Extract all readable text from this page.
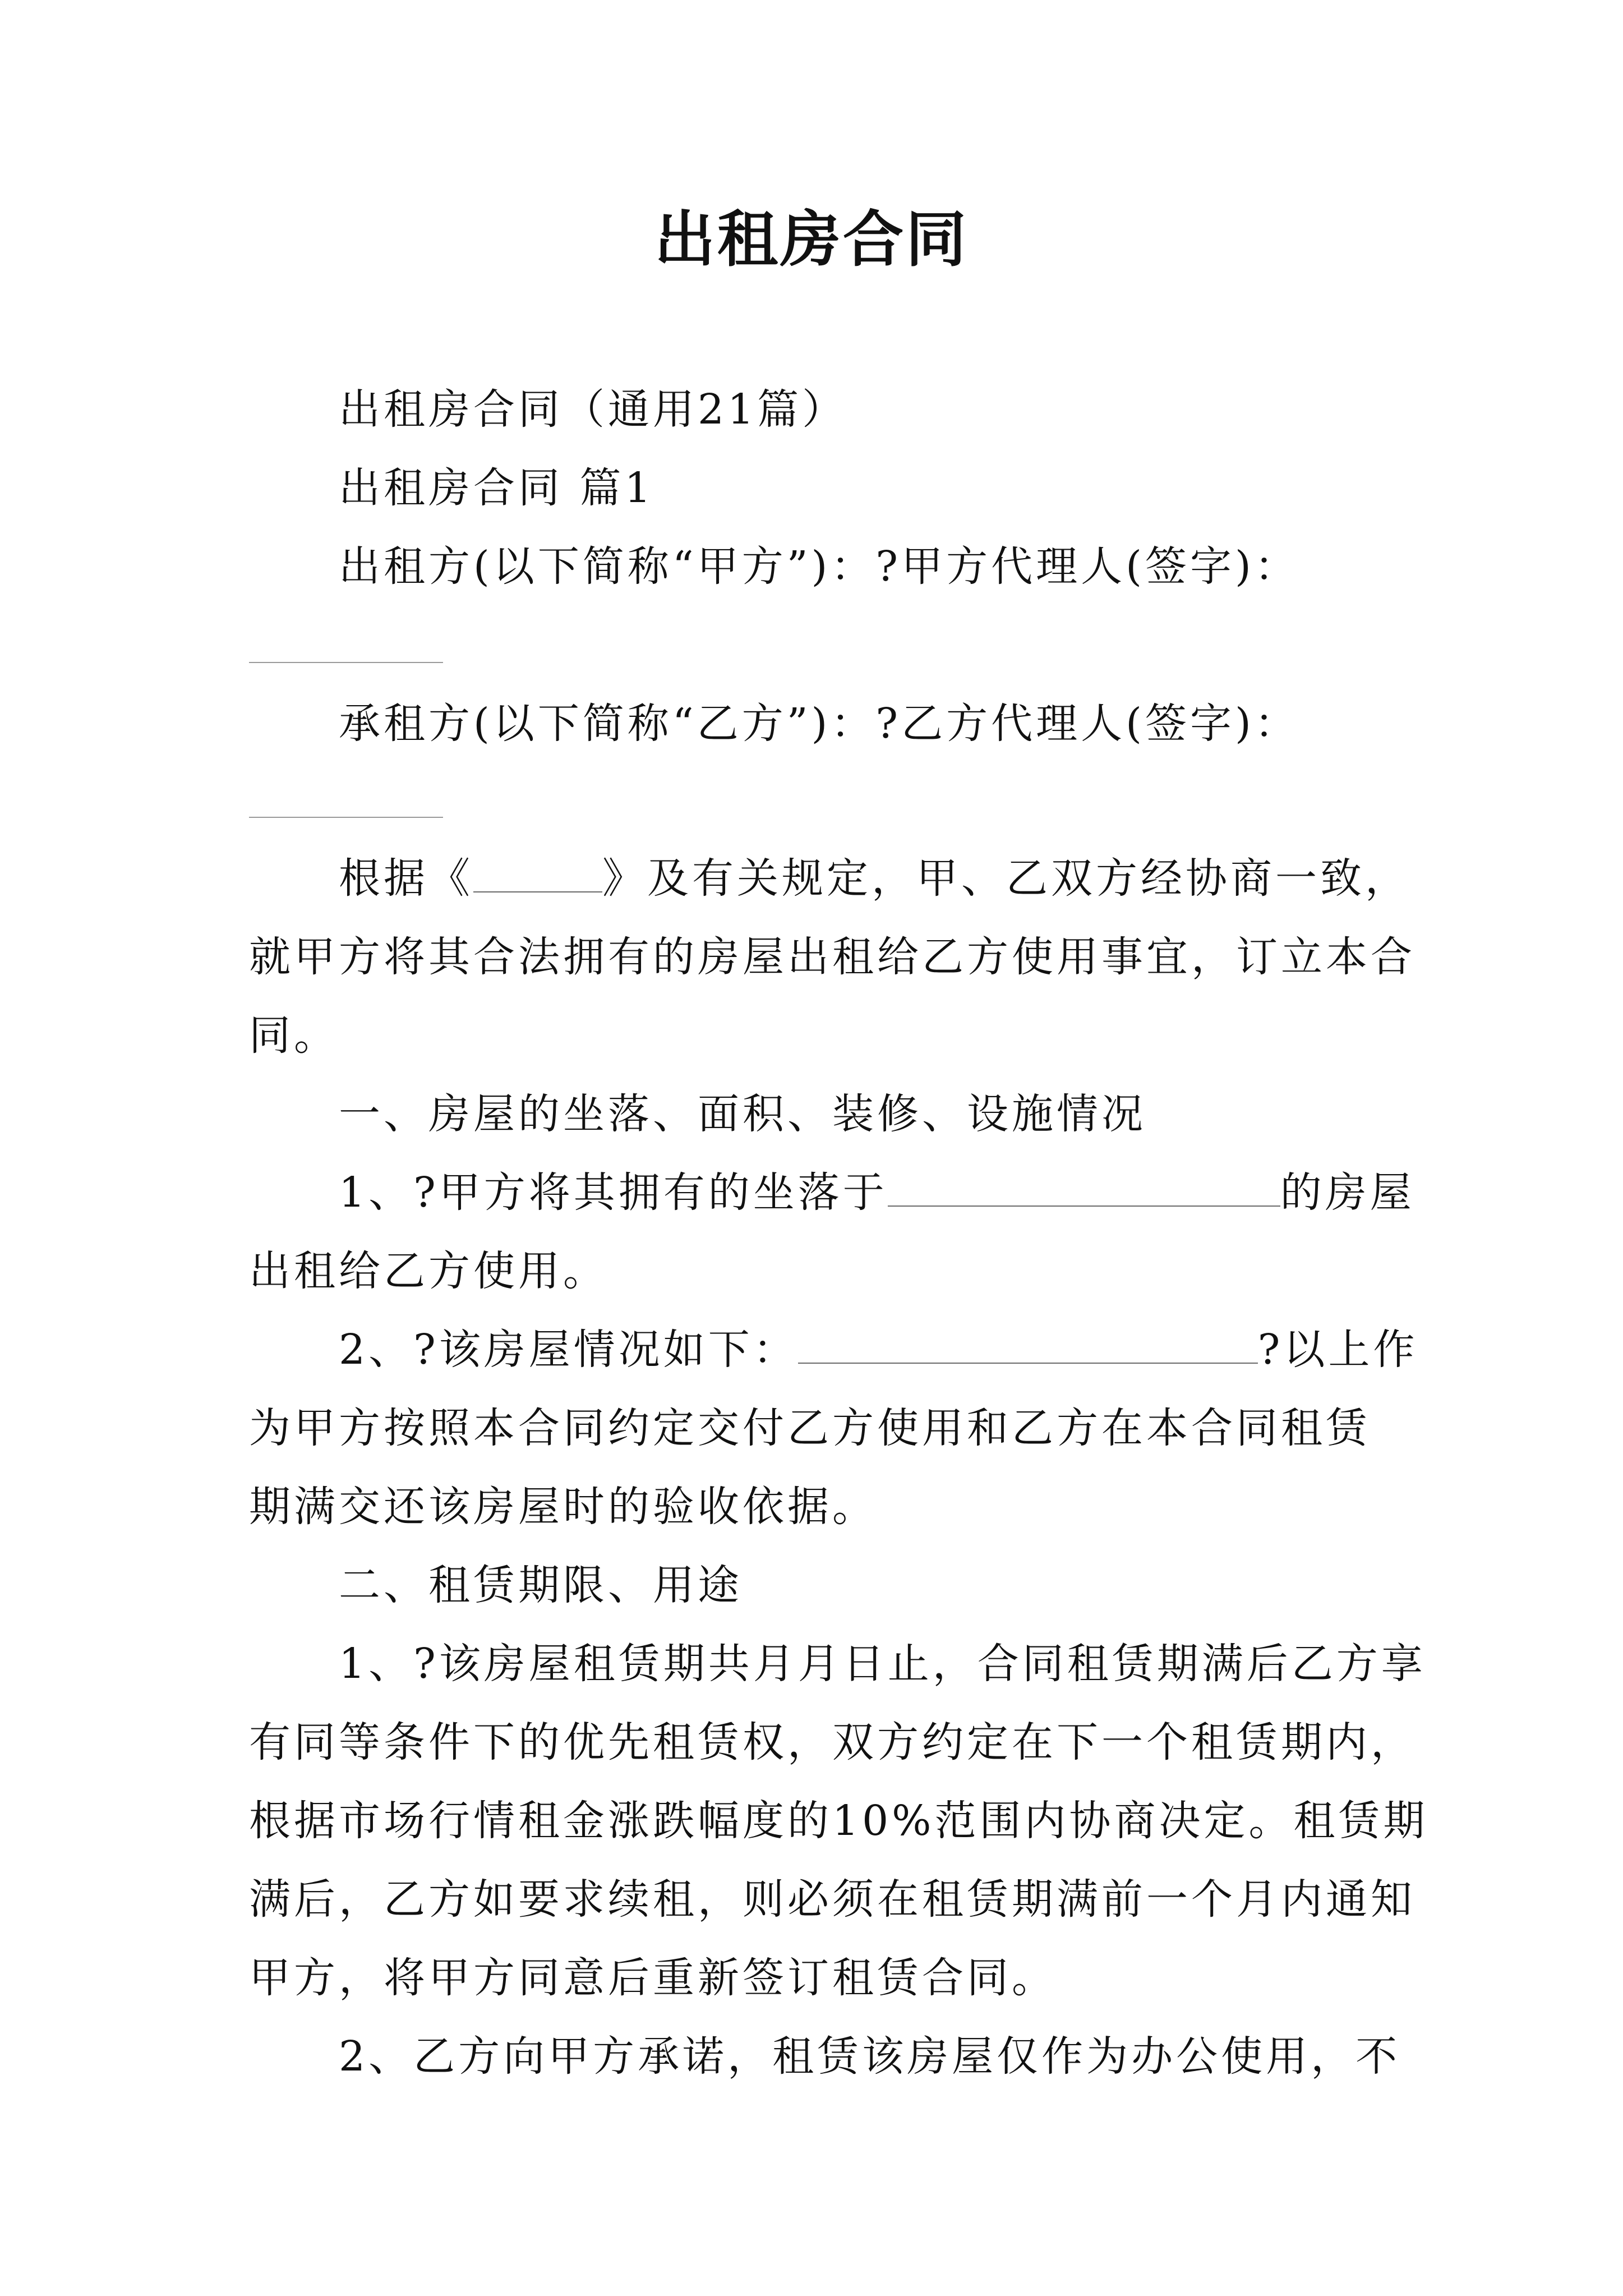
出租房合同
出租房合同（通用21篇）
出租房合同 篇1
出租方(以下简称“甲方”)：?甲方代理人(签字)：
承租方(以下简称“乙方”)：?乙方代理人(签字)：
根据《	》及有关规定，甲、乙双方经协商一致，
就甲方将其合法拥有的房屋出租给乙方使用事宜，订立本合
同。
一、房屋的坐落、面积、装修、设施情况
1、?甲方将其拥有的坐落于	的房屋
出租给乙方使用。
2、?该房屋情况如下：	?以上作
为甲方按照本合同约定交付乙方使用和乙方在本合同租赁
期满交还该房屋时的验收依据。
二、租赁期限、用途
1、?该房屋租赁期共月月日止，合同租赁期满后乙方享
有同等条件下的优先租赁权，双方约定在下一个租赁期内，
根据市场行情租金涨跌幅度的10%范围内协商决定。租赁期
满后，乙方如要求续租，则必须在租赁期满前一个月内通知
甲方，将甲方同意后重新签订租赁合同。
2、乙方向甲方承诺，租赁该房屋仅作为办公使用，不
